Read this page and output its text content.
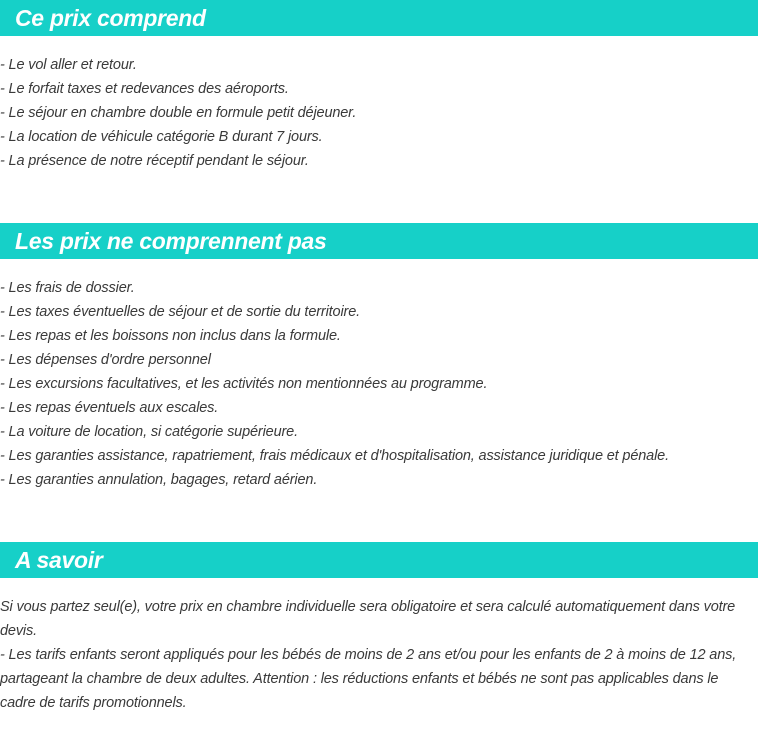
Ce prix comprend
- Le vol aller et retour.
- Le forfait taxes et redevances des aéroports.
- Le séjour en chambre double en formule petit déjeuner.
- La location de véhicule catégorie B durant 7 jours.
- La présence de notre réceptif pendant le séjour.
Les prix ne comprennent pas
- Les frais de dossier.
- Les taxes éventuelles de séjour et de sortie du territoire.
- Les repas et les boissons non inclus dans la formule.
- Les dépenses d'ordre personnel
- Les excursions facultatives, et les activités non mentionnées au programme.
- Les repas éventuels aux escales.
- La voiture de location, si catégorie supérieure.
- Les garanties assistance, rapatriement, frais médicaux et d'hospitalisation, assistance juridique et pénale.
- Les garanties annulation, bagages, retard aérien.
A savoir

Si vous partez seul(e), votre prix en chambre individuelle sera obligatoire et sera calculé automatiquement dans votre devis.

- Les tarifs enfants seront appliqués pour les bébés de moins de 2 ans et/ou pour les enfants de 2 à moins de 12 ans, partageant la chambre de deux adultes. Attention : les réductions enfants et bébés ne sont pas applicables dans le cadre de tarifs promotionnels.
